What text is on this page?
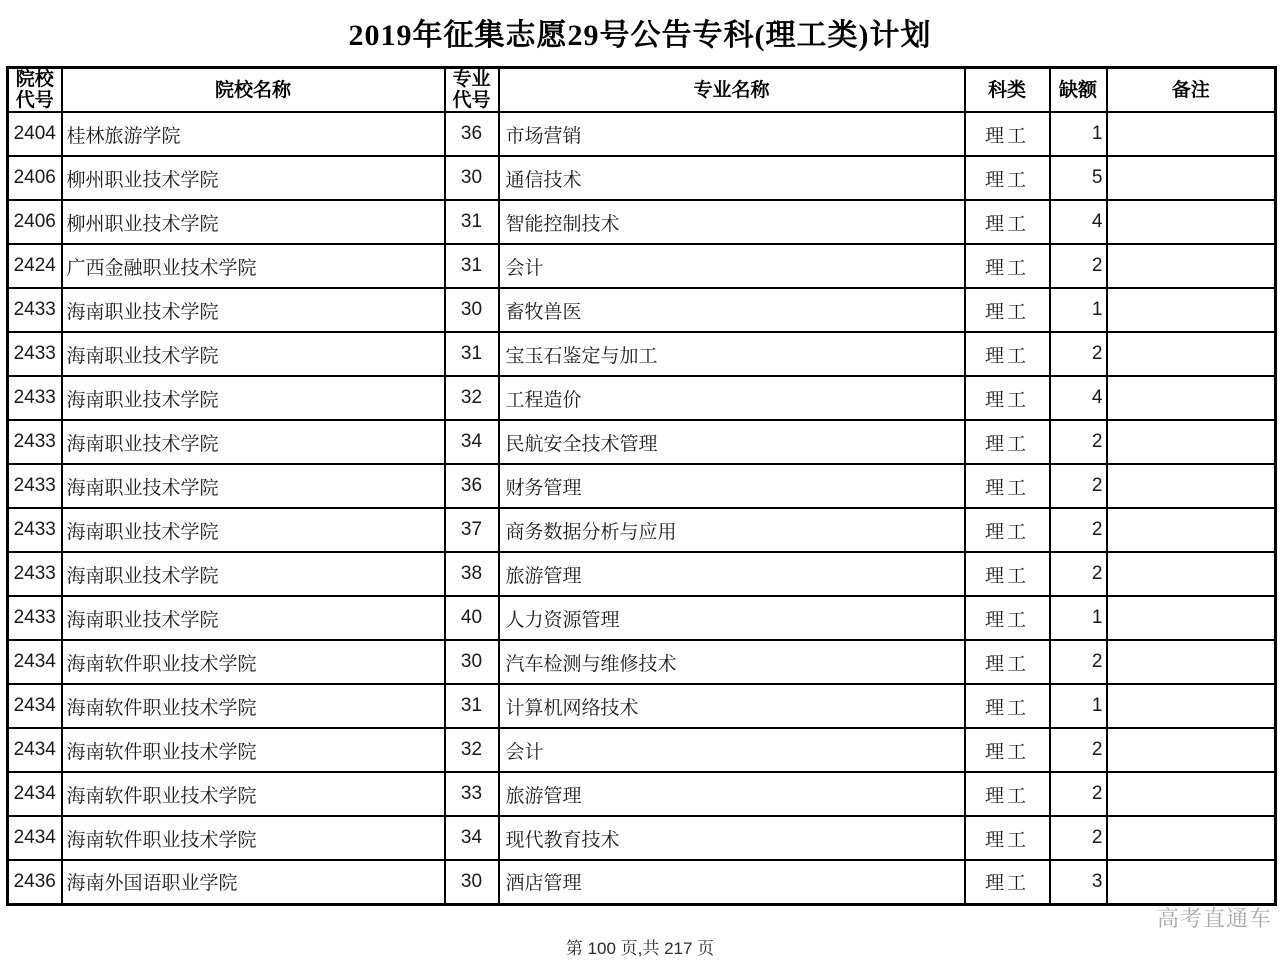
2019年征集志愿29号公告专科(理工类)计划
院校代号	院校名称	专业代号	专业名称	科类	缺额	备注
2404	桂林旅游学院	36	市场营销	理工	1	
2406	柳州职业技术学院	30	通信技术	理工	5	
2406	柳州职业技术学院	31	智能控制技术	理工	4	
2424	广西金融职业技术学院	31	会计	理工	2	
2433	海南职业技术学院	30	畜牧兽医	理工	1	
2433	海南职业技术学院	31	宝玉石鉴定与加工	理工	2	
2433	海南职业技术学院	32	工程造价	理工	4	
2433	海南职业技术学院	34	民航安全技术管理	理工	2	
2433	海南职业技术学院	36	财务管理	理工	2	
2433	海南职业技术学院	37	商务数据分析与应用	理工	2	
2433	海南职业技术学院	38	旅游管理	理工	2	
2433	海南职业技术学院	40	人力资源管理	理工	1	
2434	海南软件职业技术学院	30	汽车检测与维修技术	理工	2	
2434	海南软件职业技术学院	31	计算机网络技术	理工	1	
2434	海南软件职业技术学院	32	会计	理工	2	
2434	海南软件职业技术学院	33	旅游管理	理工	2	
2434	海南软件职业技术学院	34	现代教育技术	理工	2	
2436	海南外国语职业学院	30	酒店管理	理工	3	
高考直通车
第 100 页,共 217 页
